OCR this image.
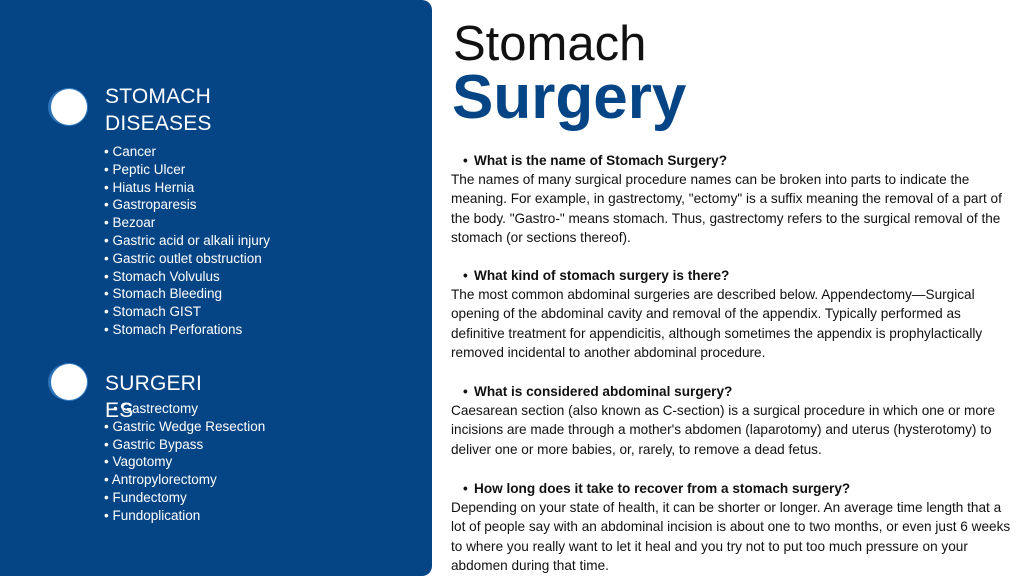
STOMACH DISEASES
• Cancer
• Peptic Ulcer
• Hiatus Hernia
• Gastroparesis
• Bezoar
• Gastric acid or alkali injury
• Gastric outlet obstruction
• Stomach Volvulus
• Stomach Bleeding
• Stomach GIST
• Stomach Perforations
SURGERIES
• Gastrectomy
• Gastric Wedge Resection
• Gastric Bypass
• Vagotomy
• Antropylorectomy
• Fundectomy
• Fundoplication
Stomach
Surgery
• What is the name of Stomach Surgery?
The names of many surgical procedure names can be broken into parts to indicate the meaning. For example, in gastrectomy, "ectomy" is a suffix meaning the removal of a part of the body. "Gastro-" means stomach. Thus, gastrectomy refers to the surgical removal of the stomach (or sections thereof).
• What kind of stomach surgery is there?
The most common abdominal surgeries are described below. Appendectomy—Surgical opening of the abdominal cavity and removal of the appendix. Typically performed as definitive treatment for appendicitis, although sometimes the appendix is prophylactically removed incidental to another abdominal procedure.
• What is considered abdominal surgery?
Caesarean section (also known as C-section) is a surgical procedure in which one or more incisions are made through a mother's abdomen (laparotomy) and uterus (hysterotomy) to deliver one or more babies, or, rarely, to remove a dead fetus.
• How long does it take to recover from a stomach surgery?
Depending on your state of health, it can be shorter or longer. An average time length that a lot of people say with an abdominal incision is about one to two months, or even just 6 weeks to where you really want to let it heal and you try not to put too much pressure on your abdomen during that time.
